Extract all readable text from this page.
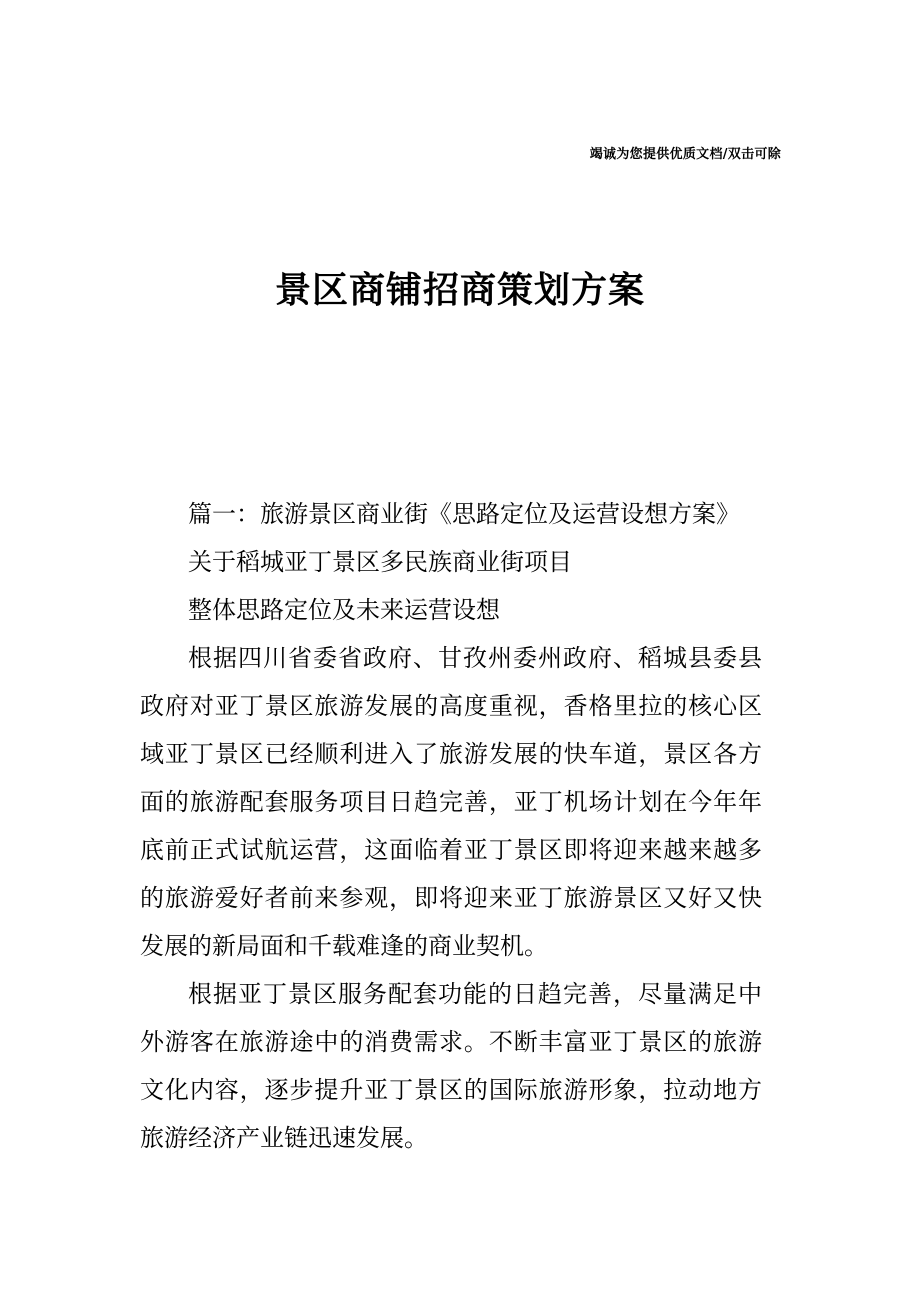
竭诚为您提供优质文档/双击可除
景区商铺招商策划方案

篇一：旅游景区商业街《思路定位及运营设想方案》

关于稻城亚丁景区多民族商业街项目

整体思路定位及未来运营设想

根据四川省委省政府、甘孜州委州政府、稻城县委县政府对亚丁景区旅游发展的高度重视，香格里拉的核心区域亚丁景区已经顺利进入了旅游发展的快车道，景区各方面的旅游配套服务项目日趋完善，亚丁机场计划在今年年底前正式试航运营，这面临着亚丁景区即将迎来越来越多的旅游爱好者前来参观，即将迎来亚丁旅游景区又好又快发展的新局面和千载难逢的商业契机。

根据亚丁景区服务配套功能的日趋完善，尽量满足中外游客在旅游途中的消费需求。不断丰富亚丁景区的旅游文化内容，逐步提升亚丁景区的国际旅游形象，拉动地方旅游经济产业链迅速发展。
